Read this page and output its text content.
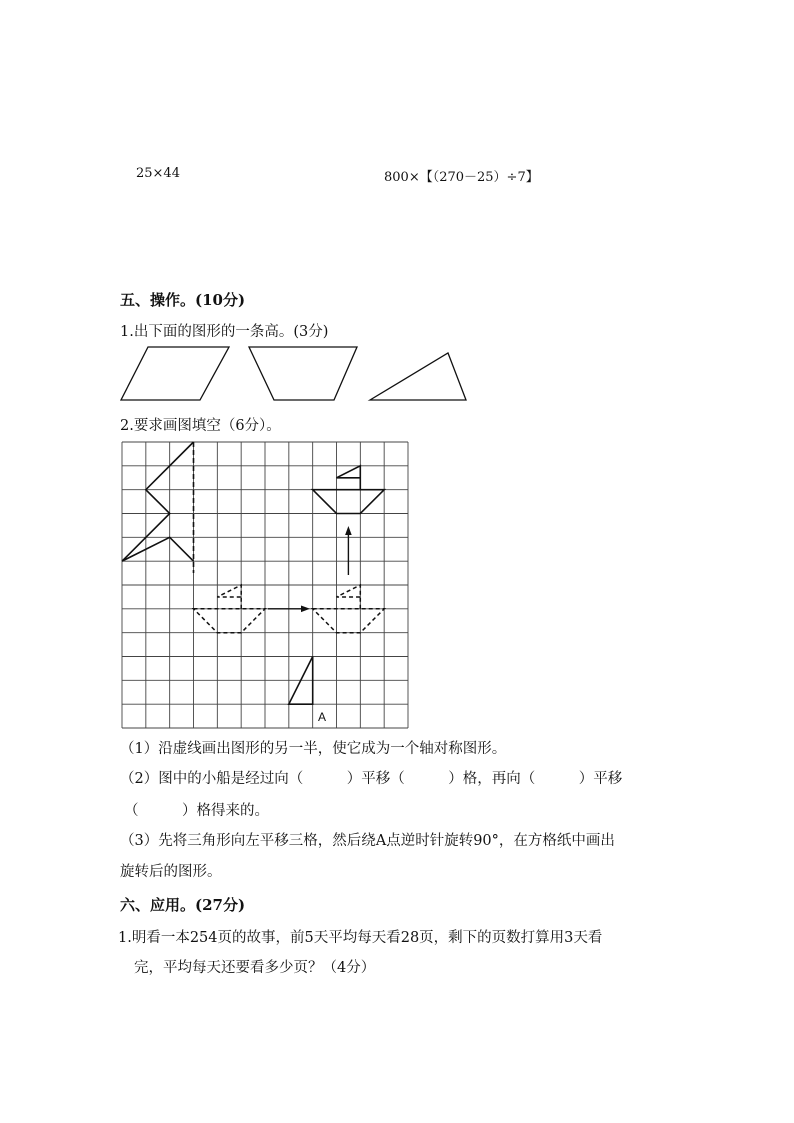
25×44	800×【（270－25）÷7】
五、操作。(10分)
1.出下面的图形的一条高。(3分)
2.要求画图填空（6分）。
A
（1）沿虚线画出图形的另一半，使它成为一个轴对称图形。
（2）图中的小船是经过向（　　　）平移（　　　）格，再向（　　　）平移
（　　　）格得来的。
（3）先将三角形向左平移三格，然后绕A点逆时针旋转90°，在方格纸中画出
旋转后的图形。
六、应用。(27分)
1.明看一本254页的故事，前5天平均每天看28页，剩下的页数打算用3天看
完，平均每天还要看多少页？（4分）
